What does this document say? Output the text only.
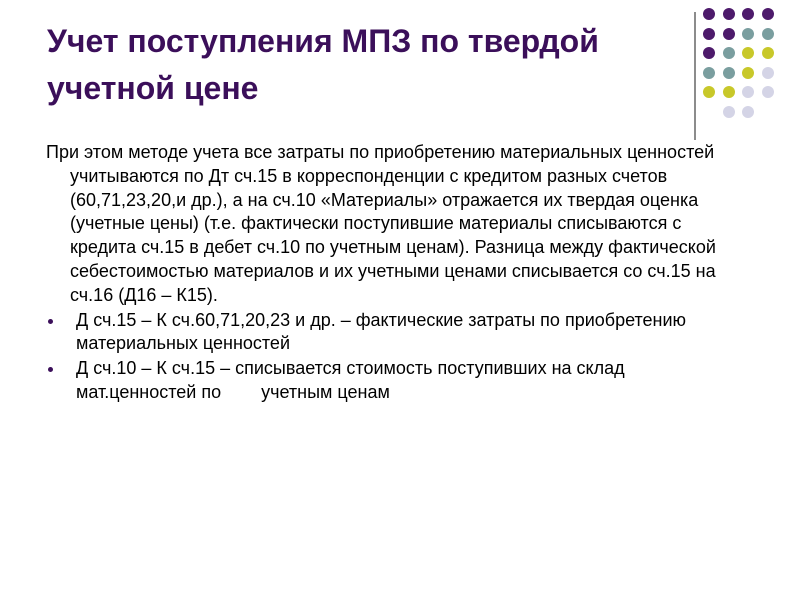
Учет поступления МПЗ по твердой учетной цене

При этом методе учета все затраты по приобретению материальных ценностей учитываются по Дт сч.15 в корреспонденции с кредитом разных счетов (60,71,23,20,и др.), а на сч.10 «Материалы» отражается их твердая оценка (учетные цены) (т.е. фактически поступившие материалы списываются с кредита сч.15 в дебет сч.10 по учетным ценам). Разница между фактической себестоимостью материалов и их учетными ценами списывается со сч.15 на сч.16 (Д16 – К15).

Д сч.15 – К сч.60,71,20,23 и др. – фактические затраты по приобретению материальных ценностей
Д сч.10 – К сч.15 – списывается стоимость поступивших на склад мат.ценностей по        учетным ценам
